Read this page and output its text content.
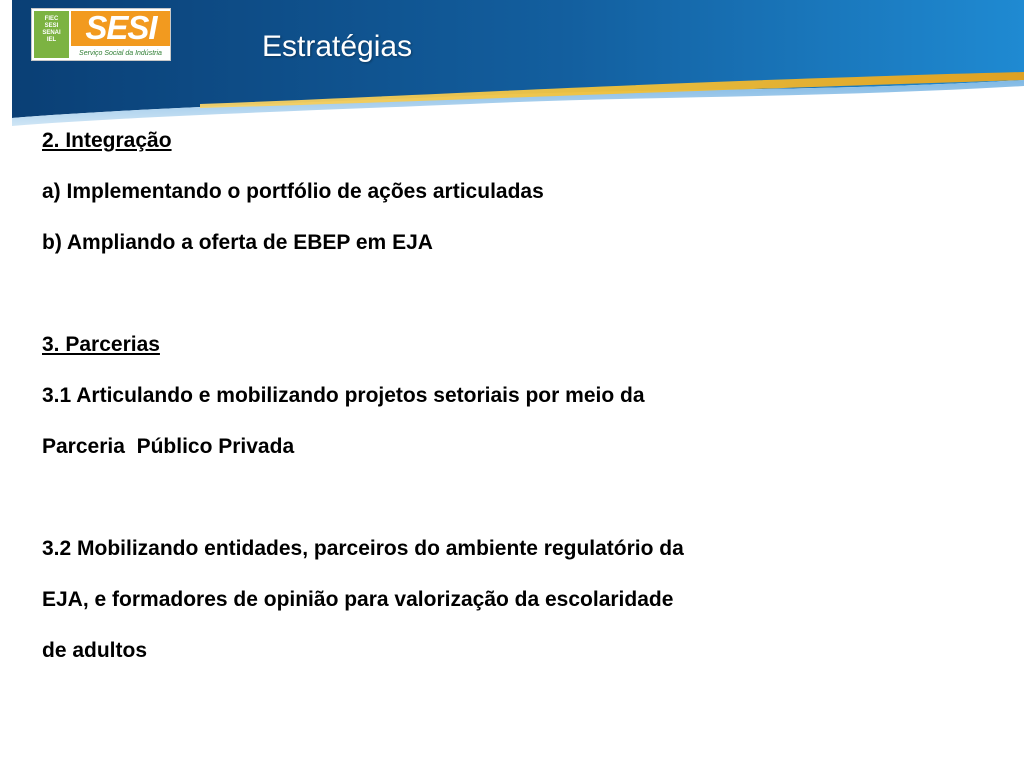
FIEC
SESI
SENAI
IEL SESI
Serviço Social da Indústria	Estratégias
2. Integração
a) Implementando o portfólio de ações articuladas
b) Ampliando a oferta de EBEP em EJA
3. Parcerias
3.1 Articulando e mobilizando projetos setoriais por meio da
Parceria  Público Privada
3.2 Mobilizando entidades, parceiros do ambiente regulatório da
EJA, e formadores de opinião para valorização da escolaridade
de adultos
